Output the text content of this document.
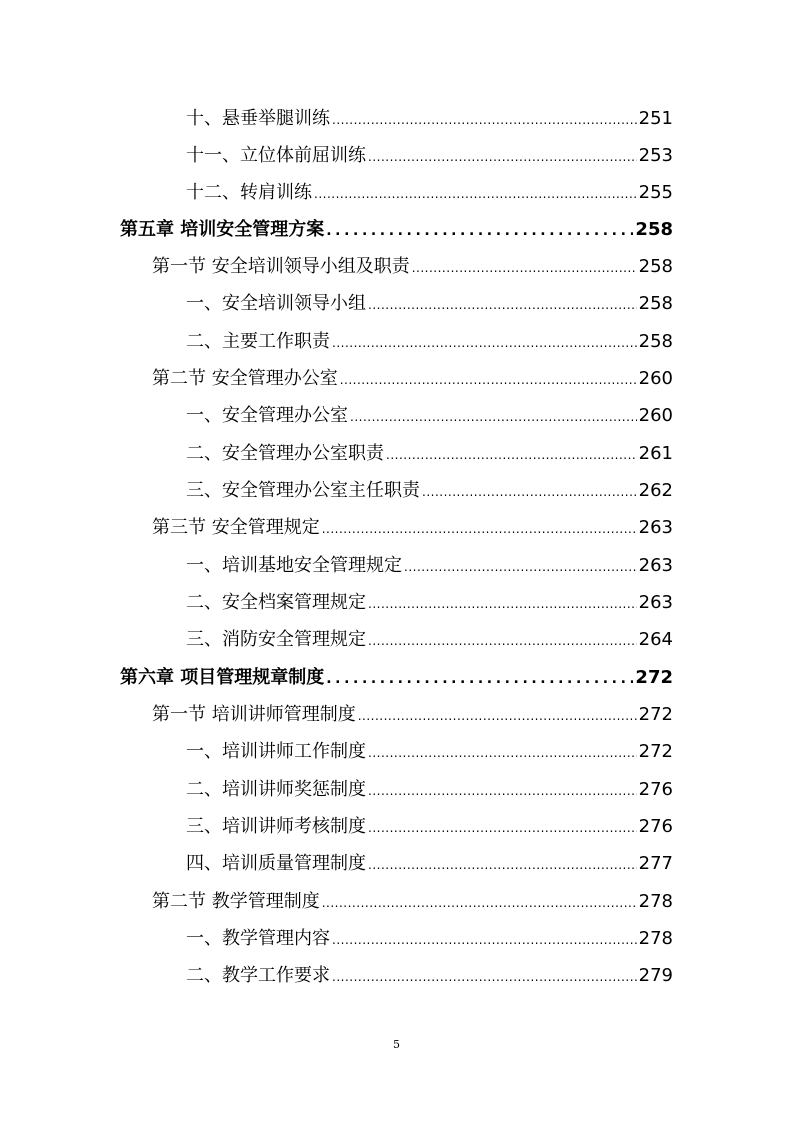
十、悬垂举腿训练 .....	251
十一、立位体前屈训练 .....	253
十二、转肩训练 .....	255
第五章 培训安全管理方案 .....	258
第一节 安全培训领导小组及职责 .....	258
一、安全培训领导小组 .....	258
二、主要工作职责 .....	258
第二节 安全管理办公室 .....	260
一、安全管理办公室 .....	260
二、安全管理办公室职责 .....	261
三、安全管理办公室主任职责 .....	262
第三节 安全管理规定 .....	263
一、培训基地安全管理规定 .....	263
二、安全档案管理规定 .....	263
三、消防安全管理规定 .....	264
第六章 项目管理规章制度 .....	272
第一节 培训讲师管理制度 .....	272
一、培训讲师工作制度 .....	272
二、培训讲师奖惩制度 .....	276
三、培训讲师考核制度 .....	276
四、培训质量管理制度 .....	277
第二节 教学管理制度 .....	278
一、教学管理内容 .....	278
二、教学工作要求 .....	279
5
